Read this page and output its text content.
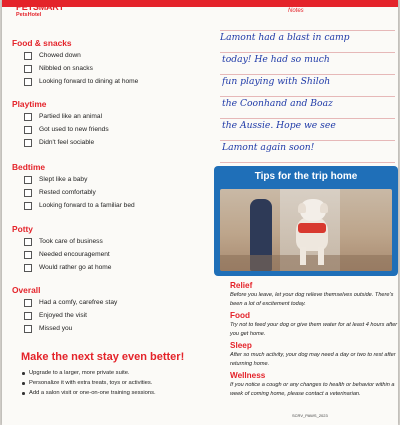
PETSMART
PetsHotel
Food & snacks
Chowed down
Nibbled on snacks
Looking forward to dining at home
Playtime
Partied like an animal
Got used to new friends
Didn't feel sociable
Bedtime
Slept like a baby
Rested comfortably
Looking forward to a familiar bed
Potty
Took care of business
Needed encouragement
Would rather go at home
Overall
Had a comfy, carefree stay
Enjoyed the visit
Missed you
Make the next stay even better!
Upgrade to a larger, more private suite.
Personalize it with extra treats, toys or activities.
Add a salon visit or one-on-one training sessions.
Notes
Lamont had a blast in camp
today! He had so much
fun playing with Shiloh
the Coonhand and Boaz
the Aussie. Hope we see
Lamont again soon!
Tips for the trip home
Relief
Before you leave, let your dog relieve themselves outside. There's been a lot of excitement today.
Food
Try not to feed your dog or give them water for at least 4 hours after you get home.
Sleep
After so much activity, your dog may need a day or two to rest after returning home.
Wellness
If you notice a cough or any changes to health or behavior within a week of coming home, please contact a veterinarian.
SCRV_PAWS_2023
